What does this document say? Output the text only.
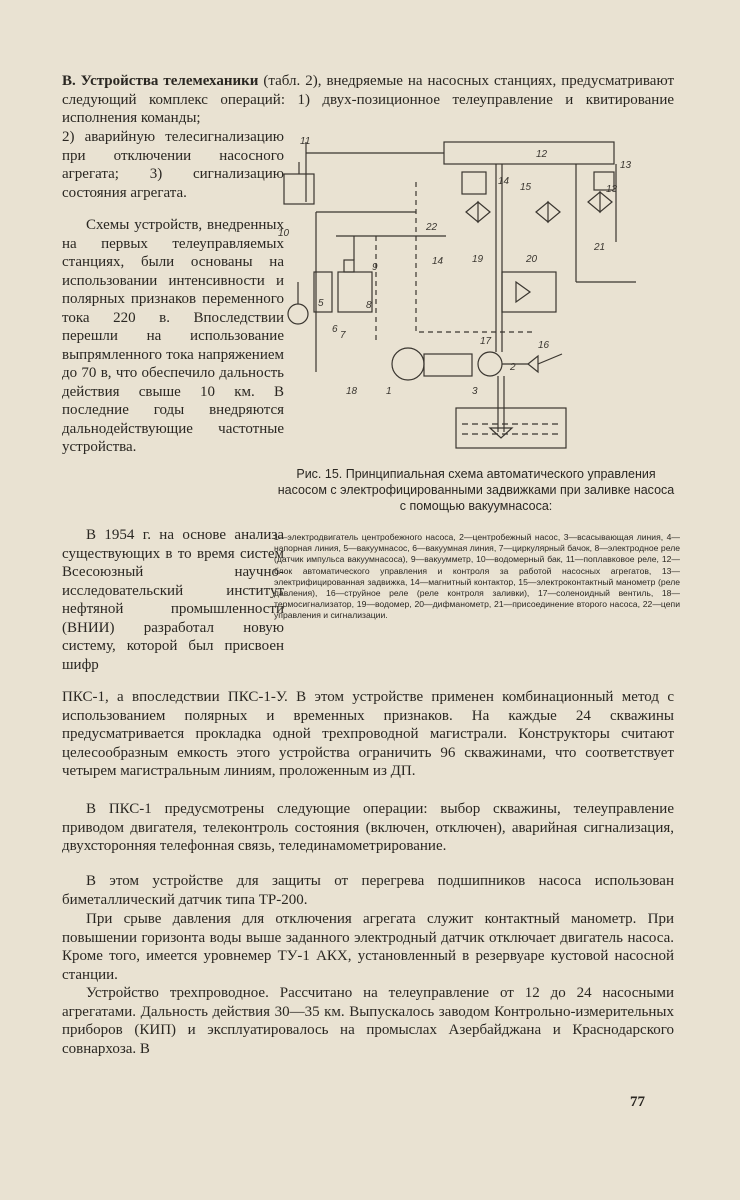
В. Устройства телемеханики (табл. 2), внедряемые на насосных станциях, предусматривают следующий комплекс операций: 1) двух-позиционное телеуправление и квитирование исполнения команды;

2) аварийную телесигнализацию при отключении насосного агрегата; 3) сигнализацию состояния агрегата.

Схемы устройств, внедренных на первых телеуправляемых станциях, были основаны на использовании интенсивности и полярных признаков переменного тока 220 в. Впоследствии перешли на использование выпрямленного тока напряжением до 70 в, что обеспечило дальность действия свыше 10 км. В последние годы внедряются дальнодействующие частотные устройства.

В 1954 г. на основе анализа существующих в то время систем Всесоюзный научно-исследовательский институт нефтяной промышленности (ВНИИ) разработал новую систему, которой был присвоен шифр

ПКС-1, а впоследствии ПКС-1-У. В этом устройстве применен комбинационный метод с использованием полярных и временных признаков. На каждые 24 скважины предусматривается прокладка одной трехпроводной магистрали. Конструкторы считают целесообразным емкость этого устройства ограничить 96 скважинами, что соответствует четырем магистральным линиям, проложенным из ДП.

В ПКС-1 предусмотрены следующие операции: выбор скважины, телеуправление приводом двигателя, телеконтроль состояния (включен, отключен), аварийная сигнализация, двухсторонняя телефонная связь, телединамометрирование.

В этом устройстве для защиты от перегрева подшипников насоса использован биметаллический датчик типа ТР-200.

При срыве давления для отключения агрегата служит контактный манометр. При повышении горизонта воды выше заданного электродный датчик отключает двигатель насоса. Кроме того, имеется уровнемер ТУ-1 АКХ, установленный в резервуаре кустовой насосной станции.

Устройство трехпроводное. Рассчитано на телеуправление от 12 до 24 насосными агрегатами. Дальность действия 30—35 км. Выпускалось заводом Контрольно-измерительных приборов (КИП) и эксплуатировалось на промыслах Азербайджана и Краснодарского совнархоза. В

11
12
13
14
15
10
22
9
8
5
6
7
18	1
2
3
16
17
19	20
21
13
14

Рис. 15. Принципиальная схема автоматического управления насосом с электрофицированными задвижками при заливке насоса с помощью вакуумнасоса:

1—электродвигатель центробежного насоса, 2—центробежный насос, 3—всасывающая линия, 4—напорная линия, 5—вакуумнасос, 6—вакуумная линия, 7—циркулярный бачок, 8—электродное реле (датчик импульса вакуумнасоса), 9—вакуумметр, 10—водомерный бак, 11—поплавковое реле, 12—блок автоматического управления и контроля за работой насосных агрегатов, 13—электрифицированная задвижка, 14—магнитный контактор, 15—электроконтактный манометр (реле давления), 16—струйное реле (реле контроля заливки), 17—соленоидный вентиль, 18—термосигнализатор, 19—водомер, 20—дифманометр, 21—присоединение второго насоса, 22—цепи управления и сигнализации.

77
